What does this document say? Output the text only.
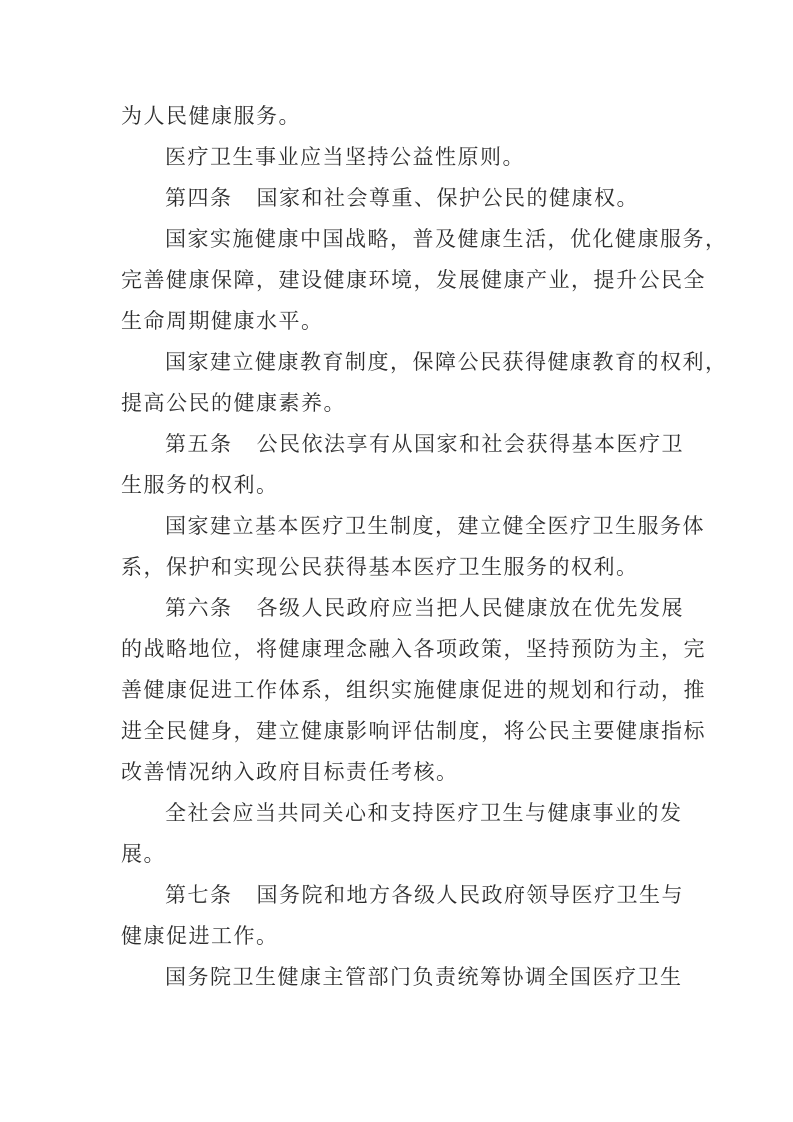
为人民健康服务。
医疗卫生事业应当坚持公益性原则。
第四条 国家和社会尊重、保护公民的健康权。
国家实施健康中国战略，普及健康生活，优化健康服务，
完善健康保障，建设健康环境，发展健康产业，提升公民全
生命周期健康水平。
国家建立健康教育制度，保障公民获得健康教育的权利，
提高公民的健康素养。
第五条 公民依法享有从国家和社会获得基本医疗卫
生服务的权利。
国家建立基本医疗卫生制度，建立健全医疗卫生服务体
系，保护和实现公民获得基本医疗卫生服务的权利。
第六条 各级人民政府应当把人民健康放在优先发展
的战略地位，将健康理念融入各项政策，坚持预防为主，完
善健康促进工作体系，组织实施健康促进的规划和行动，推
进全民健身，建立健康影响评估制度，将公民主要健康指标
改善情况纳入政府目标责任考核。
全社会应当共同关心和支持医疗卫生与健康事业的发
展。
第七条 国务院和地方各级人民政府领导医疗卫生与
健康促进工作。
国务院卫生健康主管部门负责统筹协调全国医疗卫生
